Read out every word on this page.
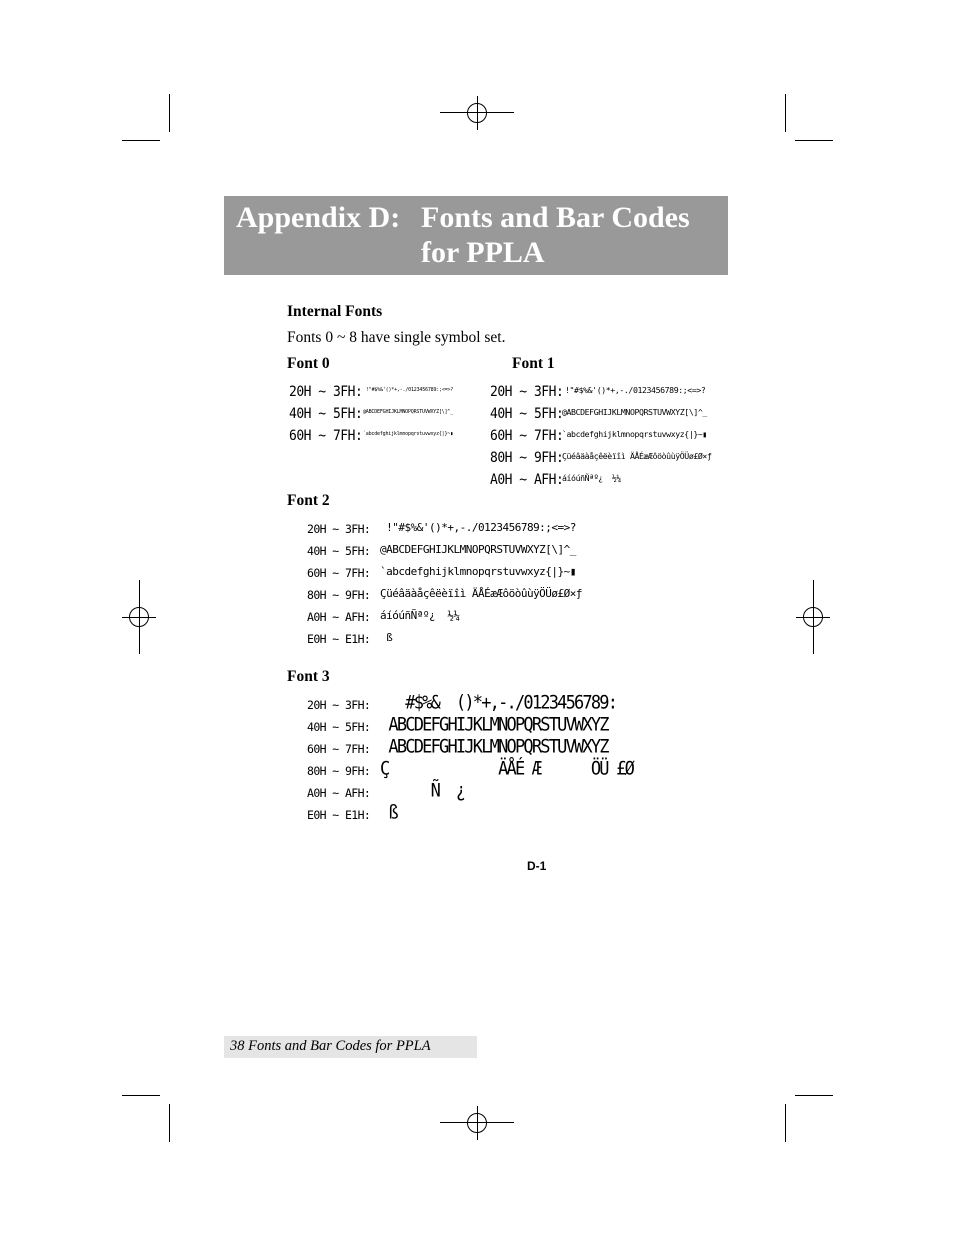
Appendix D: Fonts and Bar Codes
for PPLA
Internal Fonts
Fonts 0 ~ 8 have single symbol set.
Font 0
20H ~ 3FH: !"#$%&'()*+,-./0123456789:;<=>?
40H ~ 5FH: @ABCDEFGHIJKLMNOPQRSTUVWXYZ[\]^_
60H ~ 7FH: `abcdefghijklmnopqrstuvwxyz{|}~▮
Font 1
20H ~ 3FH: !"#$%&'()*+,-./0123456789:;<=>?
40H ~ 5FH:
@ABCDEFGHIJKLMNOPQRSTUVWXYZ[\]^_
60H ~ 7FH:
`abcdefghijklmnopqrstuvwxyz{|}~▮
80H ~ 9FH:
Çüéâäàåçêëèïîì ÄÅÉæÆôöòûùÿÖÜø£Ø×ƒ
A0H ~ AFH:
áíóúñÑªº¿  ½¼
Font 2
20H ~ 3FH: !"#$%&'()*+,-./0123456789:;<=>?
40H ~ 5FH: @ABCDEFGHIJKLMNOPQRSTUVWXYZ[\]^_
60H ~ 7FH: `abcdefghijklmnopqrstuvwxyz{|}~▮
80H ~ 9FH: Çüéâäàåçêëèïîì ÄÅÉæÆôöòûùÿÖÜø£Ø×ƒ
A0H ~ AFH: áíóúñÑªº¿  ½¼
E0H ~ E1H: ß
Font 3
20H ~ 3FH: #$%&  ()*+,-./0123456789:
40H ~ 5FH: ABCDEFGHIJKLMNOPQRSTUVWXYZ
60H ~ 7FH: ABCDEFGHIJKLMNOPQRSTUVWXYZ
80H ~ 9FH: Ç             ÄÅÉ Æ      ÖÜ £Ø
A0H ~ AFH: Ñ  ¿
E0H ~ E1H: ß
D-1
38 Fonts and Bar Codes for PPLA
